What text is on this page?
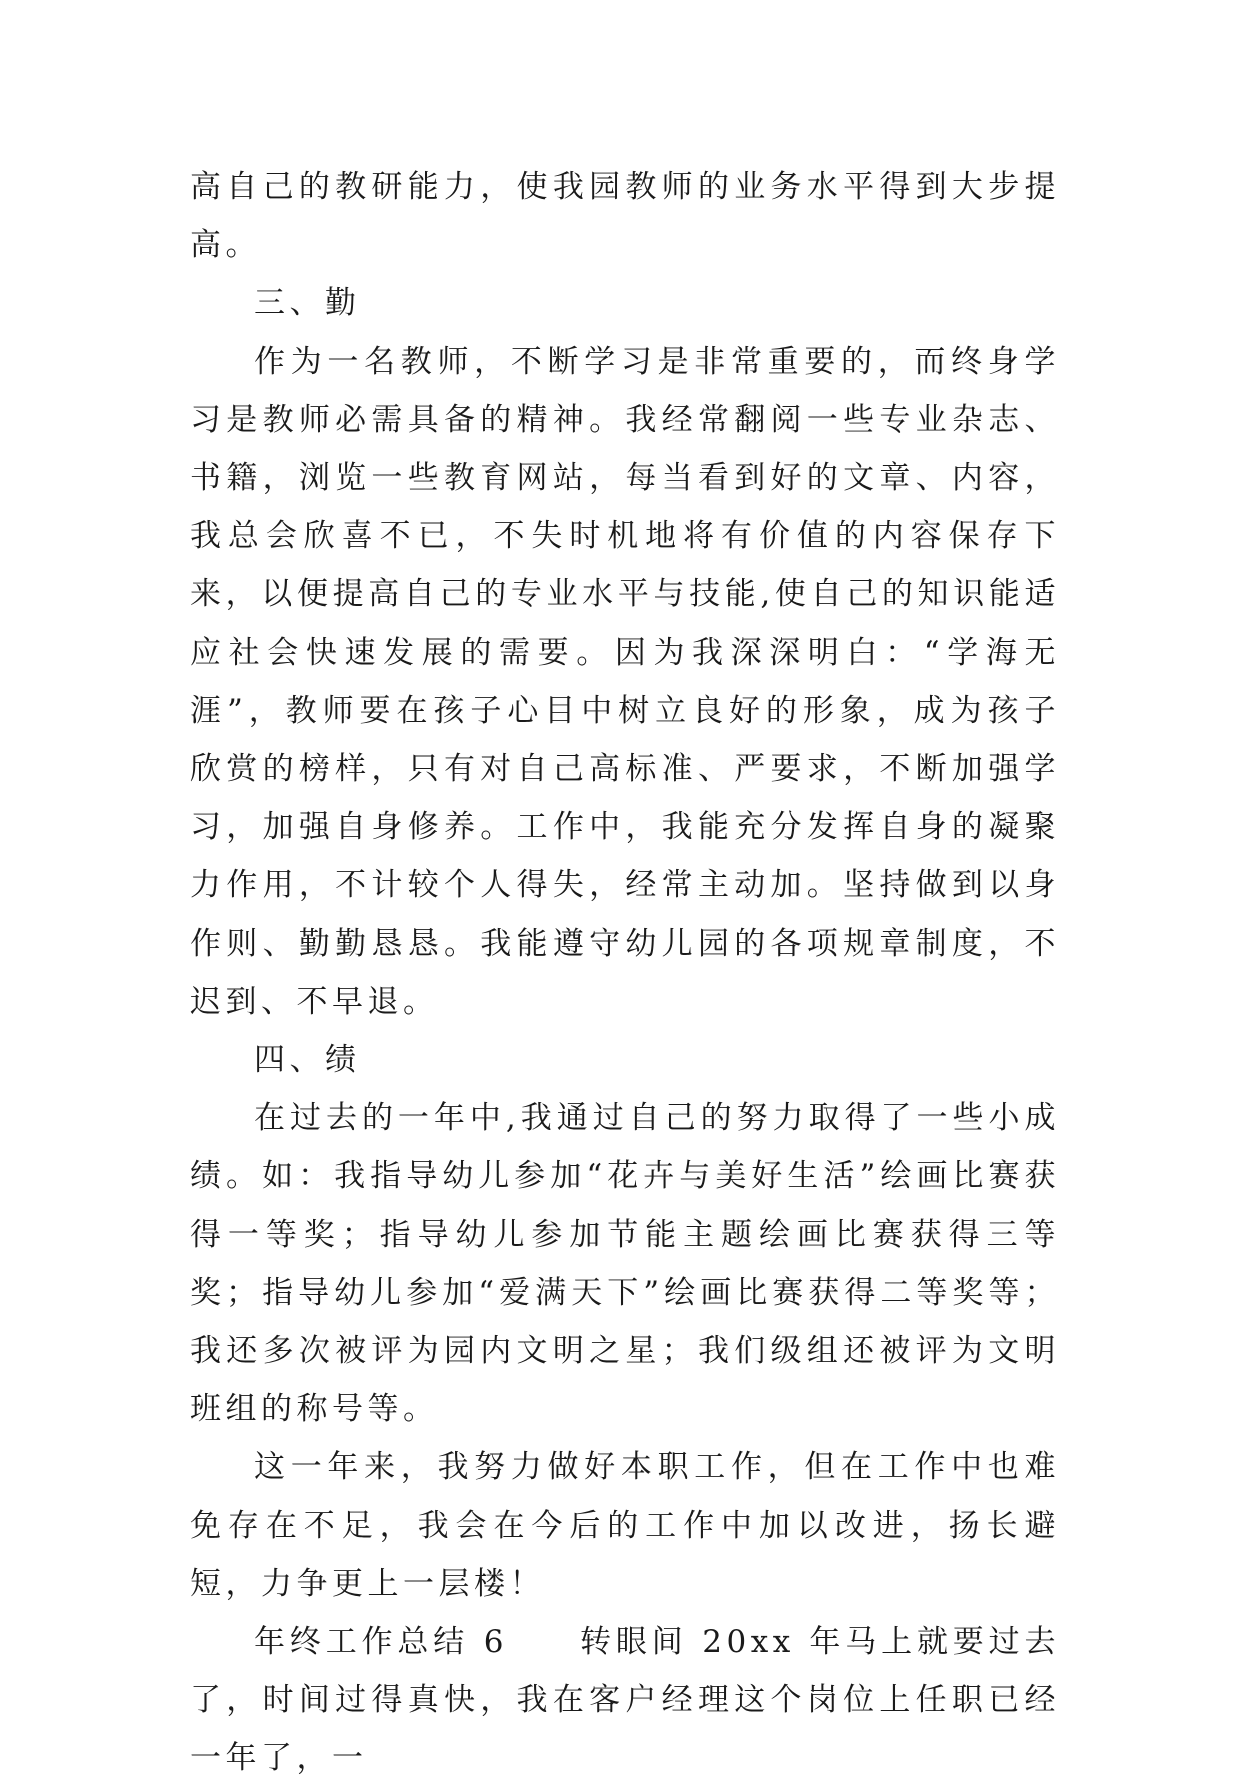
高自己的教研能力，使我园教师的业务水平得到大步提高。

三、勤

作为一名教师，不断学习是非常重要的，而终身学习是教师必需具备的精神。我经常翻阅一些专业杂志、书籍，浏览一些教育网站，每当看到好的文章、内容，我总会欣喜不已，不失时机地将有价值的内容保存下来，以便提高自己的专业水平与技能,使自己的知识能适应社会快速发展的需要。因为我深深明白：“学海无涯”，教师要在孩子心目中树立良好的形象，成为孩子欣赏的榜样，只有对自己高标准、严要求，不断加强学习，加强自身修养。工作中，我能充分发挥自身的凝聚力作用，不计较个人得失，经常主动加。坚持做到以身作则、勤勤恳恳。我能遵守幼儿园的各项规章制度，不迟到、不早退。

四、绩

在过去的一年中,我通过自己的努力取得了一些小成绩。如：我指导幼儿参加“花卉与美好生活”绘画比赛获得一等奖；指导幼儿参加节能主题绘画比赛获得三等奖；指导幼儿参加“爱满天下”绘画比赛获得二等奖等；我还多次被评为园内文明之星；我们级组还被评为文明班组的称号等。

这一年来，我努力做好本职工作，但在工作中也难免存在不足，我会在今后的工作中加以改进，扬长避短，力争更上一层楼！

年终工作总结 6　　转眼间 20xx 年马上就要过去了，时间过得真快，我在客户经理这个岗位上任职已经一年了，一
